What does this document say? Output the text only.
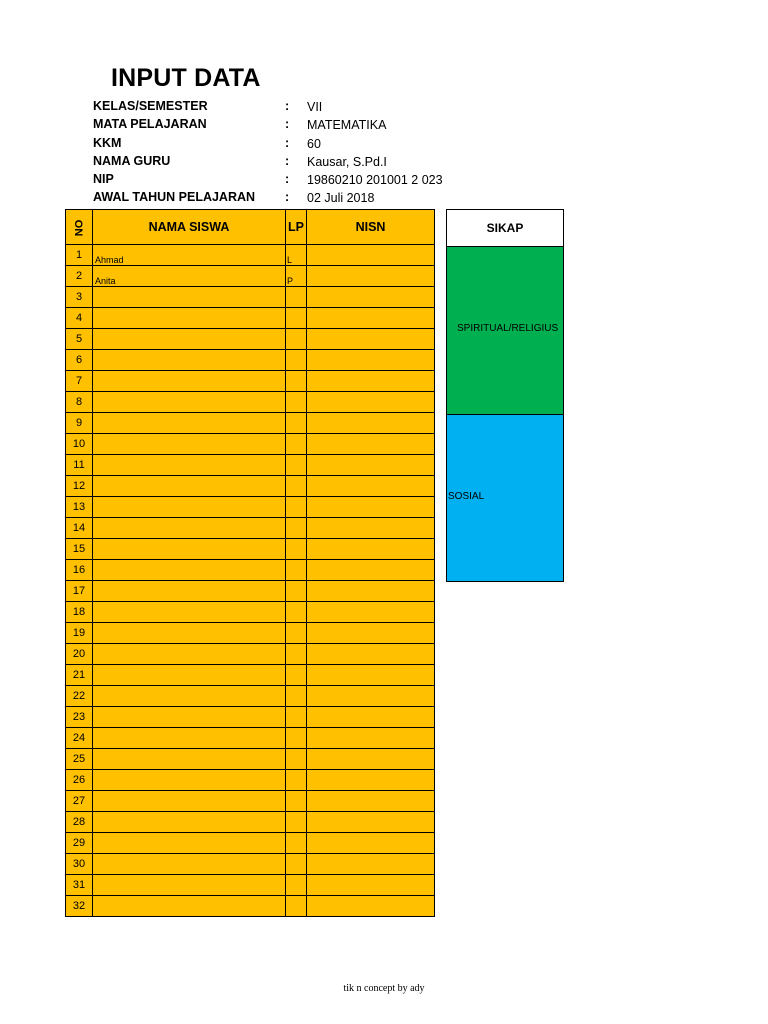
INPUT DATA
KELAS/SEMESTER	: VII
MATA PELAJARAN	: MATEMATIKA
KKM	: 60
NAMA GURU	: Kausar, S.Pd.I
NIP	: 19860210 201001 2 023
AWAL TAHUN PELAJARAN : 02 Juli 2018
NO	NAMA SISWA	LP	NISN
1	Ahmad	L	
2	Anita	P	
3			
4			
5			
6			
7			
8			
9			
10			
11			
12			
13			
14			
15			
16			
17			
18			
19			
20			
21			
22			
23			
24			
25			
26			
27			
28			
29			
30			
31			
32			
SIKAP
SPIRITUAL/RELIGIUS
SOSIAL
tik n concept by ady
